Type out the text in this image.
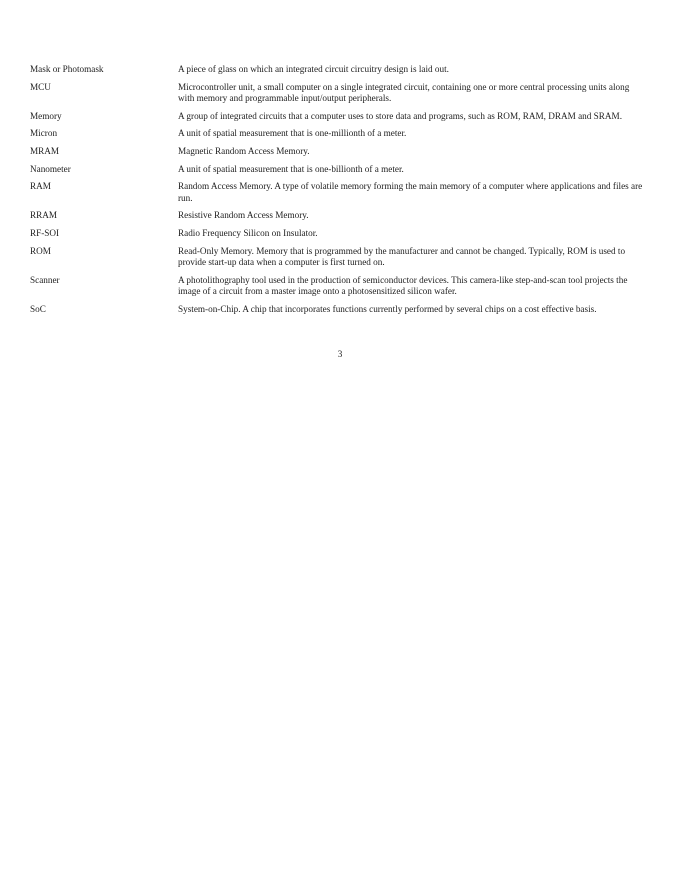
Mask or Photomask	A piece of glass on which an integrated circuit circuitry design is laid out.
MCU	Microcontroller unit, a small computer on a single integrated circuit, containing one or more central processing units along with memory and programmable input/output peripherals.
Memory	A group of integrated circuits that a computer uses to store data and programs, such as ROM, RAM, DRAM and SRAM.
Micron	A unit of spatial measurement that is one-millionth of a meter.
MRAM	Magnetic Random Access Memory.
Nanometer	A unit of spatial measurement that is one-billionth of a meter.
RAM	Random Access Memory. A type of volatile memory forming the main memory of a computer where applications and files are run.
RRAM	Resistive Random Access Memory.
RF-SOI	Radio Frequency Silicon on Insulator.
ROM	Read-Only Memory. Memory that is programmed by the manufacturer and cannot be changed. Typically, ROM is used to provide start-up data when a computer is first turned on.
Scanner	A photolithography tool used in the production of semiconductor devices. This camera-like step-and-scan tool projects the image of a circuit from a master image onto a photosensitized silicon wafer.
SoC	System-on-Chip. A chip that incorporates functions currently performed by several chips on a cost effective basis.
3
